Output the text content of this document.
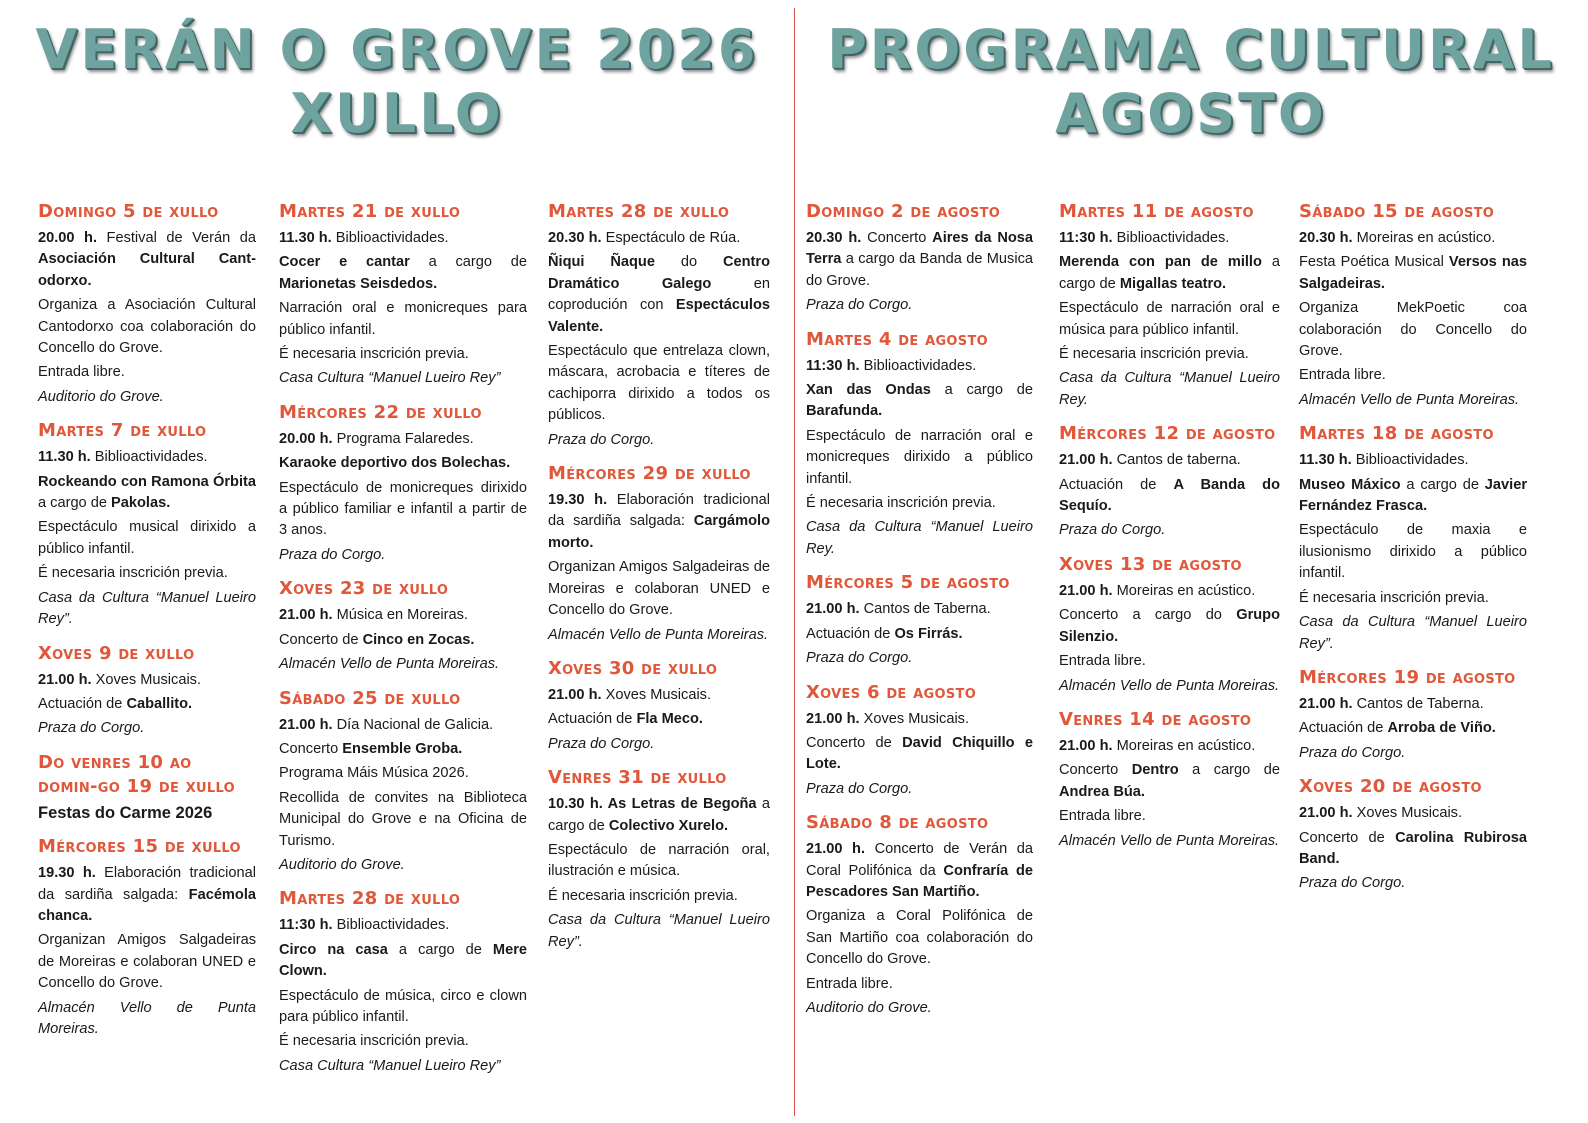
VERÁN O GROVE 2026
XULLO
PROGRAMA CULTURAL
AGOSTO
Domingo 5 de xullo

20.00 h. Festival de Verán da Asociación Cultural Cant-odorxo.

Organiza a Asociación Cultural Cantodorxo coa colaboración do Concello do Grove.

Entrada libre.

Auditorio do Grove.

Martes 7 de xullo

11.30 h. Biblioactividades.

Rockeando con Ramona Órbita a cargo de Pakolas.

Espectáculo musical dirixido a público infantil.

É necesaria inscrición previa.

Casa da Cultura “Manuel Lueiro Rey”.

Xoves 9 de xullo

21.00 h. Xoves Musicais.

Actuación de Caballito.

Praza do Corgo.

Do venres 10 ao domin-go 19 de xullo

Festas do Carme 2026

Mércores 15 de xullo

19.30 h. Elaboración tradicional da sardiña salgada: Facémola chanca.

Organizan Amigos Salgadeiras de Moreiras e colaboran UNED e Concello do Grove.

Almacén Vello de Punta Moreiras.

Martes 21 de xullo

11.30 h. Biblioactividades.

Cocer e cantar a cargo de Marionetas Seisdedos.

Narración oral e monicreques para público infantil.

É necesaria inscrición previa.

Casa Cultura “Manuel Lueiro Rey”

Mércores 22 de xullo

20.00 h. Programa Falaredes.

Karaoke deportivo dos Bolechas.

Espectáculo de monicreques dirixido a público familiar e infantil a partir de 3 anos.

Praza do Corgo.

Xoves 23 de xullo

21.00 h. Música en Moreiras.

Concerto de Cinco en Zocas.

Almacén Vello de Punta Moreiras.

Sábado 25 de xullo

21.00 h. Día Nacional de Galicia.

Concerto Ensemble Groba.

Programa Máis Música 2026.

Recollida de convites na Biblioteca Municipal do Grove e na Oficina de Turismo.

Auditorio do Grove.

Martes 28 de xullo

11:30 h. Biblioactividades.

Circo na casa a cargo de Mere Clown.

Espectáculo de música, circo e clown para público infantil.

É necesaria inscrición previa.

Casa Cultura “Manuel Lueiro Rey”

Martes 28 de xullo

20.30 h. Espectáculo de Rúa.

Ñiqui Ñaque do Centro Dramático Galego en coprodución con Espectáculos Valente.

Espectáculo que entrelaza clown, máscara, acrobacia e títeres de cachiporra dirixido a todos os públicos.

Praza do Corgo.

Mércores 29 de xullo

19.30 h. Elaboración tradicional da sardiña salgada: Cargámolo morto.

Organizan Amigos Salgadeiras de Moreiras e colaboran UNED e Concello do Grove.

Almacén Vello de Punta Moreiras.

Xoves 30 de xullo

21.00 h. Xoves Musicais.

Actuación de Fla Meco.

Praza do Corgo.

Venres 31 de xullo

10.30 h. As Letras de Begoña a cargo de Colectivo Xurelo.

Espectáculo de narración oral, ilustración e música.

É necesaria inscrición previa.

Casa da Cultura “Manuel Lueiro Rey”.

Domingo 2 de agosto

20.30 h. Concerto Aires da Nosa Terra a cargo da Banda de Musica do Grove.

Praza do Corgo.

Martes 4 de agosto

11:30 h. Biblioactividades.

Xan das Ondas a cargo de Barafunda.

Espectáculo de narración oral e monicreques dirixido a público infantil.

É necesaria inscrición previa.

Casa da Cultura “Manuel Lueiro Rey.

Mércores 5 de agosto

21.00 h. Cantos de Taberna.

Actuación de Os Firrás.

Praza do Corgo.

Xoves 6 de agosto

21.00 h. Xoves Musicais.

Concerto de David Chiquillo e Lote.

Praza do Corgo.

Sábado 8 de agosto

21.00 h. Concerto de Verán da Coral Polifónica da Confraría de Pescadores San Martiño.

Organiza a Coral Polifónica de San Martiño coa colaboración do Concello do Grove.

Entrada libre.

Auditorio do Grove.

Martes 11 de agosto

11:30 h. Biblioactividades.

Merenda con pan de millo a cargo de Migallas teatro.

Espectáculo de narración oral e música para público infantil.

É necesaria inscrición previa.

Casa da Cultura “Manuel Lueiro Rey.

Mércores 12 de agosto

21.00 h. Cantos de taberna.

Actuación de A Banda do Sequío.

Praza do Corgo.

Xoves 13 de agosto

21.00 h. Moreiras en acústico.

Concerto a cargo do Grupo Silenzio.

Entrada libre.

Almacén Vello de Punta Moreiras.

Venres 14 de agosto

21.00 h. Moreiras en acústico.

Concerto Dentro a cargo de Andrea Búa.

Entrada libre.

Almacén Vello de Punta Moreiras.

Sábado 15 de agosto

20.30 h. Moreiras en acústico.

Festa Poética Musical Versos nas Salgadeiras.

Organiza MekPoetic coa colaboración do Concello do Grove.

Entrada libre.

Almacén Vello de Punta Moreiras.

Martes 18 de agosto

11.30 h. Biblioactividades.

Museo Máxico a cargo de Javier Fernández Frasca.

Espectáculo de maxia e ilusionismo dirixido a público infantil.

É necesaria inscrición previa.

Casa da Cultura “Manuel Lueiro Rey”.

Mércores 19 de agosto

21.00 h. Cantos de Taberna.

Actuación de Arroba de Viño.

Praza do Corgo.

Xoves 20 de agosto

21.00 h. Xoves Musicais.

Concerto de Carolina Rubirosa Band.

Praza do Corgo.
